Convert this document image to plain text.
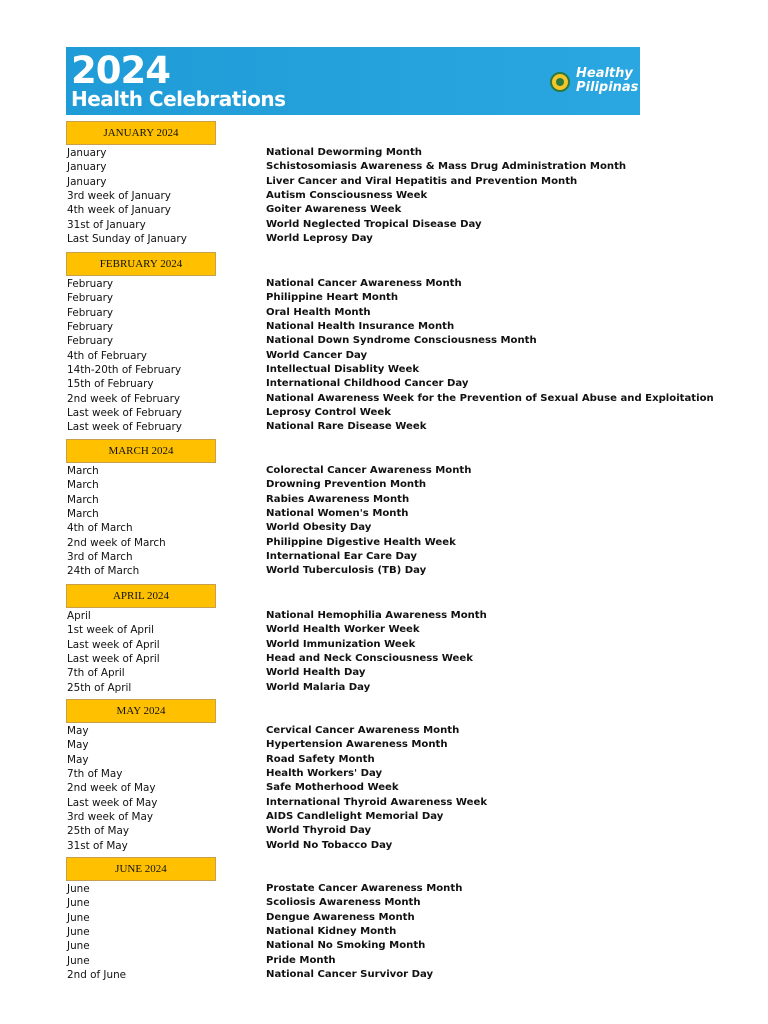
2024
Health Celebrations
Healthy
Pilipinas
JANUARY 2024
January	National Deworming Month
January	Schistosomiasis Awareness & Mass Drug Administration Month
January	Liver Cancer and Viral Hepatitis and Prevention Month
3rd week of January	Autism Consciousness Week
4th week of January	Goiter Awareness Week
31st of January	World Neglected Tropical Disease Day
Last Sunday of January	World Leprosy Day
FEBRUARY 2024
February	National Cancer Awareness Month
February	Philippine Heart Month
February	Oral Health Month
February	National Health Insurance Month
February	National Down Syndrome Consciousness Month
4th of February	World Cancer Day
14th-20th of February	Intellectual Disablity Week
15th of February	International Childhood Cancer Day
2nd week of February	National Awareness Week for the Prevention of Sexual Abuse and Exploitation
Last week of February	Leprosy Control Week
Last week of February	National Rare Disease Week
MARCH 2024
March	Colorectal Cancer Awareness Month
March	Drowning Prevention Month
March	Rabies Awareness Month
March	National Women's Month
4th of March	World Obesity Day
2nd week of March	Philippine Digestive Health Week
3rd of March	International Ear Care Day
24th of March	World Tuberculosis (TB) Day
APRIL 2024
April	National Hemophilia Awareness Month
1st week of April	World Health Worker Week
Last week of April	World Immunization Week
Last week of April	Head and Neck Consciousness Week
7th of April	World Health Day
25th of April	World Malaria Day
MAY 2024
May	Cervical Cancer Awareness Month
May	Hypertension Awareness Month
May	Road Safety Month
7th of May	Health Workers' Day
2nd week of May	Safe Motherhood Week
Last week of May	International Thyroid Awareness Week
3rd week of May	AIDS Candlelight Memorial Day
25th of May	World Thyroid Day
31st of May	World No Tobacco Day
JUNE 2024
June	Prostate Cancer Awareness Month
June	Scoliosis Awareness Month
June	Dengue Awareness Month
June	National Kidney Month
June	National No Smoking Month
June	Pride Month
2nd of June	National Cancer Survivor Day
